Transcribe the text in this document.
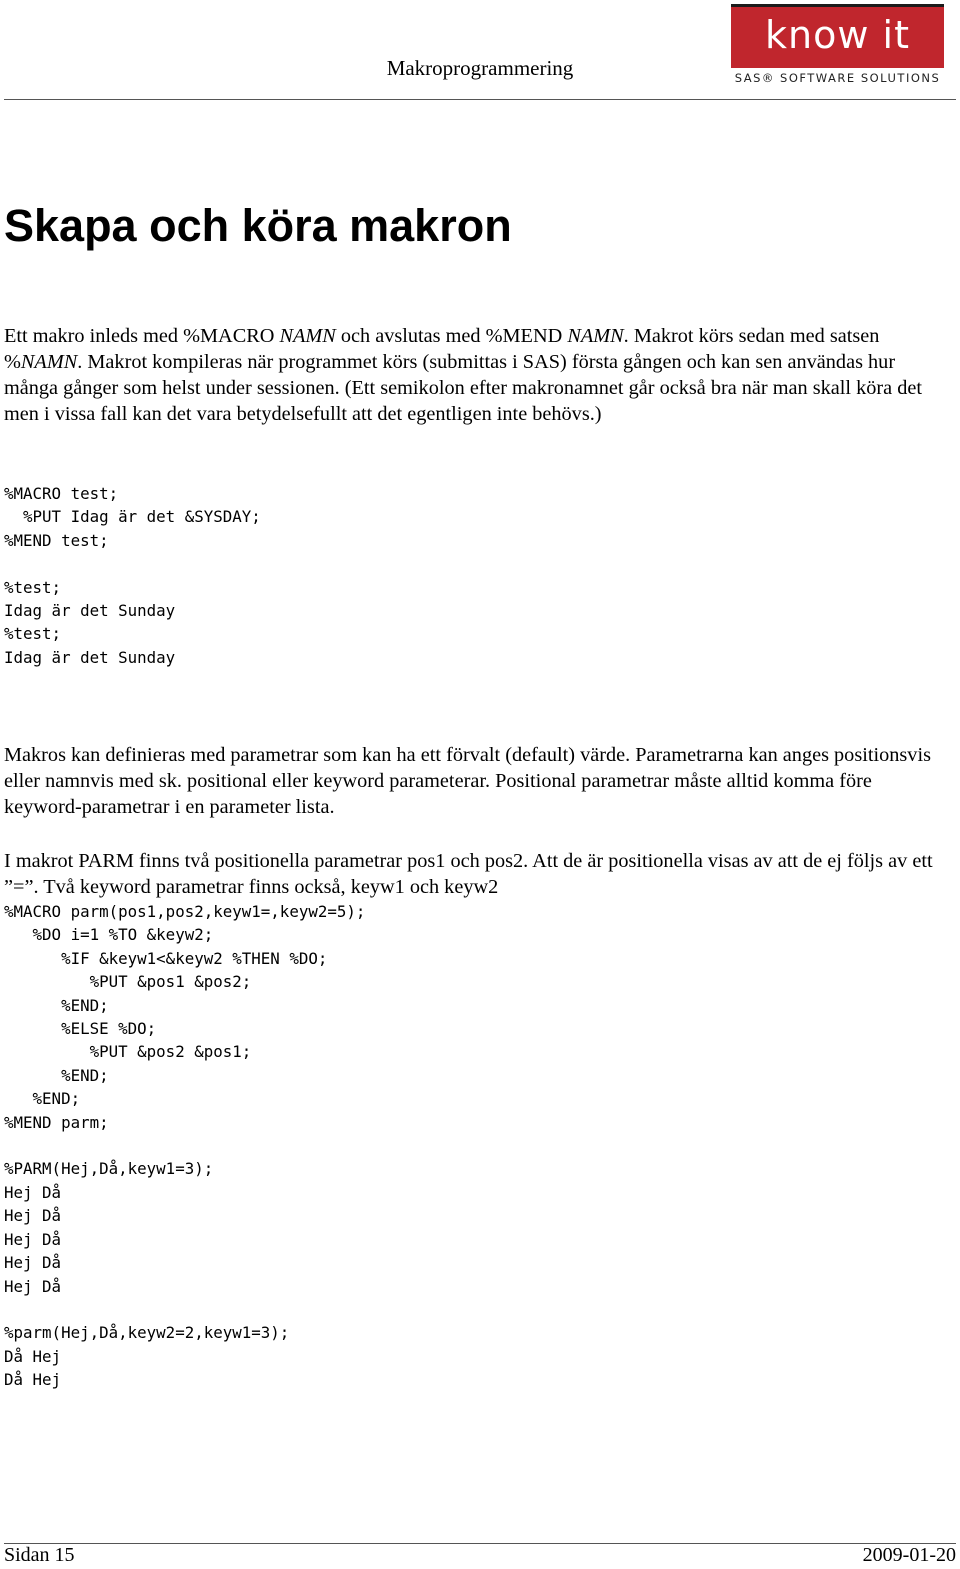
Makroprogrammering
know it
SAS® SOFTWARE SOLUTIONS
Skapa och köra makron

Ett makro inleds med %MACRO NAMN och avslutas med %MEND NAMN. Makrot körs sedan med satsen %NAMN. Makrot kompileras när programmet körs (submittas i SAS) första gången och kan sen användas hur många gånger som helst under sessionen. (Ett semikolon efter makronamnet går också bra när man skall köra det men i vissa fall kan det vara betydelsefullt att det egentligen inte behövs.)

%MACRO test;
%PUT Idag är det &SYSDAY;
%MEND test;

%test;
Idag är det Sunday
%test;
Idag är det Sunday

Makros kan definieras med parametrar som kan ha ett förvalt (default) värde. Parametrarna kan anges positionsvis eller namnvis med sk. positional eller keyword parameterar. Positional parametrar måste alltid komma före keyword-parametrar i en parameter lista.

I makrot PARM finns två positionella parametrar pos1 och pos2. Att de är positionella visas av att de ej följs av ett ”=”. Två keyword parametrar finns också, keyw1 och keyw2

%MACRO parm(pos1,pos2,keyw1=,keyw2=5);
%DO i=1 %TO &keyw2;
%IF &keyw1<&keyw2 %THEN %DO;
%PUT &pos1 &pos2;
%END;
%ELSE %DO;
%PUT &pos2 &pos1;
%END;
%END;
%MEND parm;

%PARM(Hej,Då,keyw1=3);
Hej Då
Hej Då
Hej Då
Hej Då
Hej Då

%parm(Hej,Då,keyw2=2,keyw1=3);
Då Hej
Då Hej
Sidan 15	2009-01-20
